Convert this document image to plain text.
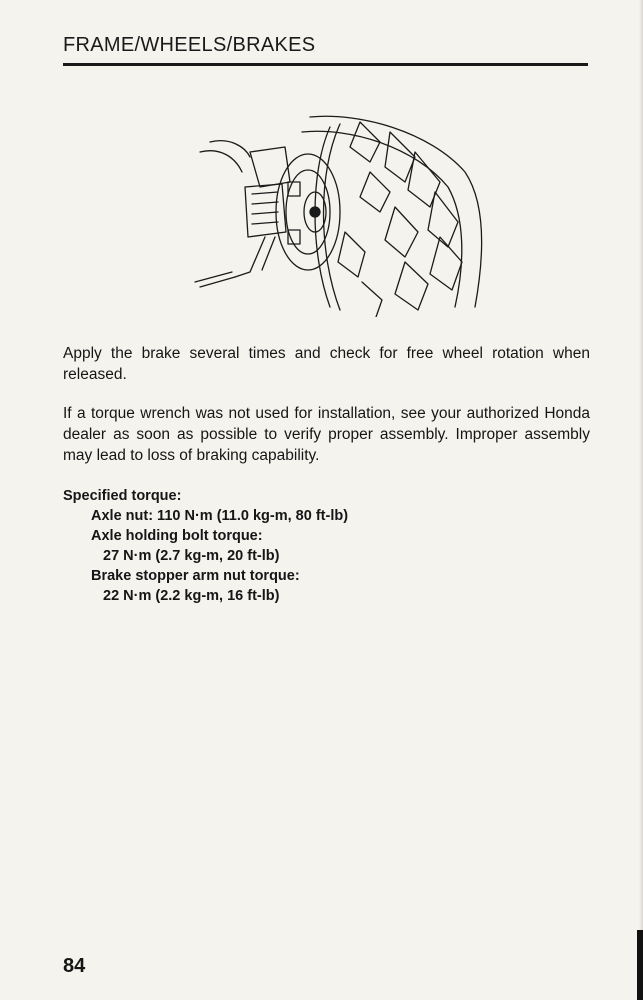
FRAME/WHEELS/BRAKES

Apply the brake several times and check for free wheel rotation when released.

If a torque wrench was not used for installation, see your authorized Honda dealer as soon as possible to verify proper assembly. Improper assembly may lead to loss of braking capability.

Specified torque:
Axle nut: 110 N·m (11.0 kg-m, 80 ft-lb)
Axle holding bolt torque:
27 N·m (2.7 kg-m, 20 ft-lb)
Brake stopper arm nut torque:
22 N·m (2.2 kg-m, 16 ft-lb)
84
